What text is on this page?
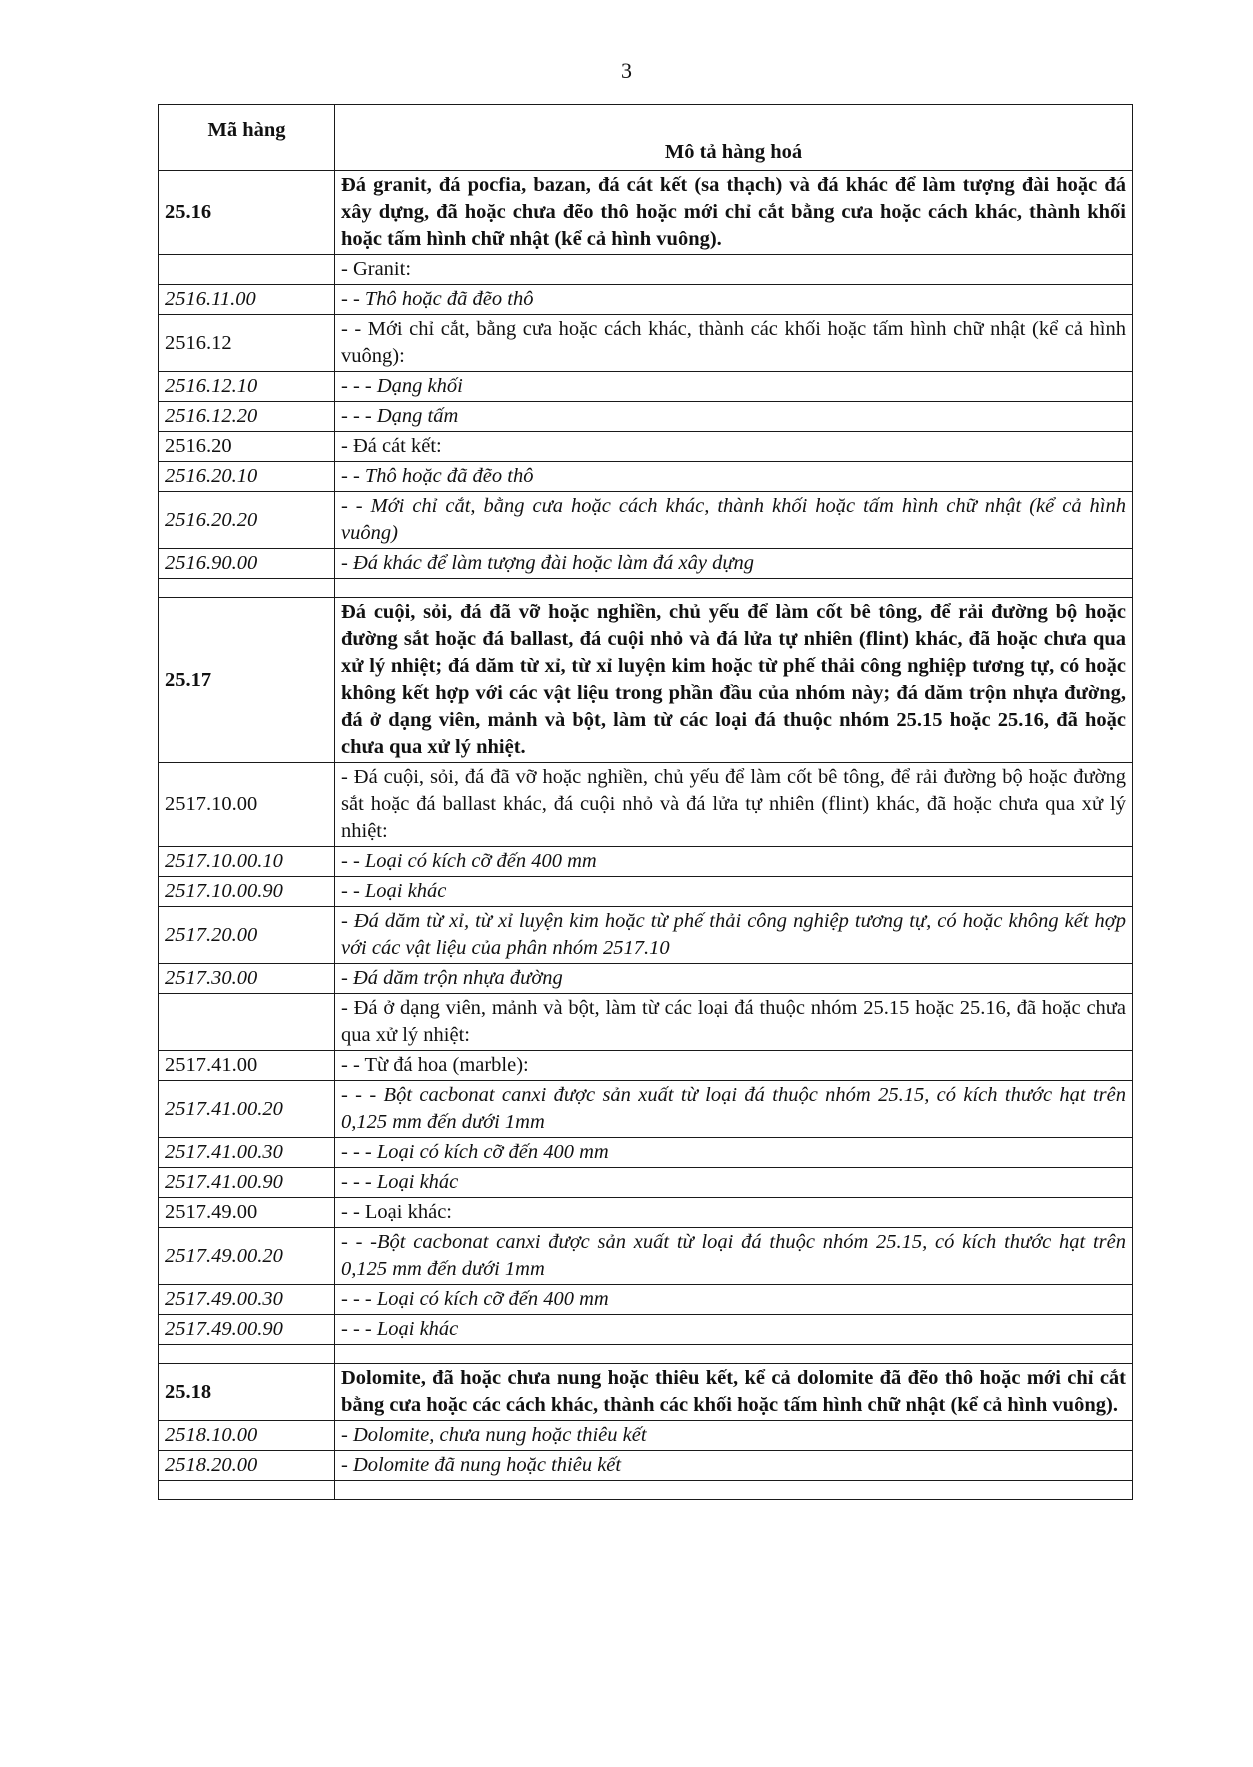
3
Mã hàng	Mô tả hàng hoá
25.16	Đá granit, đá pocfia, bazan, đá cát kết (sa thạch) và đá khác để làm tượng đài hoặc đá xây dựng, đã hoặc chưa đẽo thô hoặc mới chỉ cắt bằng cưa hoặc cách khác, thành khối hoặc tấm hình chữ nhật (kể cả hình vuông).
	- Granit:
2516.11.00	- - Thô hoặc đã đẽo thô
2516.12	- - Mới chỉ cắt, bằng cưa hoặc cách khác, thành các khối hoặc tấm hình chữ nhật (kể cả hình vuông):
2516.12.10	- - - Dạng khối
2516.12.20	- - - Dạng tấm
2516.20	- Đá cát kết:
2516.20.10	- - Thô hoặc đã đẽo thô
2516.20.20	- - Mới chỉ cắt, bằng cưa hoặc cách khác, thành khối hoặc tấm hình chữ nhật (kể cả hình vuông)
2516.90.00	- Đá khác để làm tượng đài hoặc làm đá xây dựng

25.17	Đá cuội, sỏi, đá đã vỡ hoặc nghiền, chủ yếu để làm cốt bê tông, để rải đường bộ hoặc đường sắt hoặc đá ballast, đá cuội nhỏ và đá lửa tự nhiên (flint) khác, đã hoặc chưa qua xử lý nhiệt; đá dăm từ xỉ, từ xỉ luyện kim hoặc từ phế thải công nghiệp tương tự, có hoặc không kết hợp với các vật liệu trong phần đầu của nhóm này; đá dăm trộn nhựa đường, đá ở dạng viên, mảnh và bột, làm từ các loại đá thuộc nhóm 25.15 hoặc 25.16, đã hoặc chưa qua xử lý nhiệt.
2517.10.00	- Đá cuội, sỏi, đá đã vỡ hoặc nghiền, chủ yếu để làm cốt bê tông, để rải đường bộ hoặc đường sắt hoặc đá ballast khác, đá cuội nhỏ và đá lửa tự nhiên (flint) khác, đã hoặc chưa qua xử lý nhiệt:
2517.10.00.10	- - Loại có kích cỡ đến 400 mm
2517.10.00.90	- - Loại khác
2517.20.00	- Đá dăm từ xỉ, từ xỉ luyện kim hoặc từ phế thải công nghiệp tương tự, có hoặc không kết hợp với các vật liệu của phân nhóm 2517.10
2517.30.00	- Đá dăm trộn nhựa đường
	- Đá ở dạng viên, mảnh và bột, làm từ các loại đá thuộc nhóm 25.15 hoặc 25.16, đã hoặc chưa qua xử lý nhiệt:
2517.41.00	- - Từ đá hoa (marble):
2517.41.00.20	- - - Bột cacbonat canxi được sản xuất từ loại đá thuộc nhóm 25.15, có kích thước hạt trên 0,125 mm đến dưới 1mm
2517.41.00.30	- - - Loại có kích cỡ đến 400 mm
2517.41.00.90	- - - Loại khác
2517.49.00	- - Loại khác:
2517.49.00.20	- - -Bột cacbonat canxi được sản xuất từ loại đá thuộc nhóm 25.15, có kích thước hạt trên 0,125 mm đến dưới 1mm
2517.49.00.30	- - - Loại có kích cỡ đến 400 mm
2517.49.00.90	- - - Loại khác

25.18	Dolomite, đã hoặc chưa nung hoặc thiêu kết, kể cả dolomite đã đẽo thô hoặc mới chỉ cắt bằng cưa hoặc các cách khác, thành các khối hoặc tấm hình chữ nhật (kể cả hình vuông).
2518.10.00	- Dolomite, chưa nung hoặc thiêu kết
2518.20.00	- Dolomite đã nung hoặc thiêu kết
